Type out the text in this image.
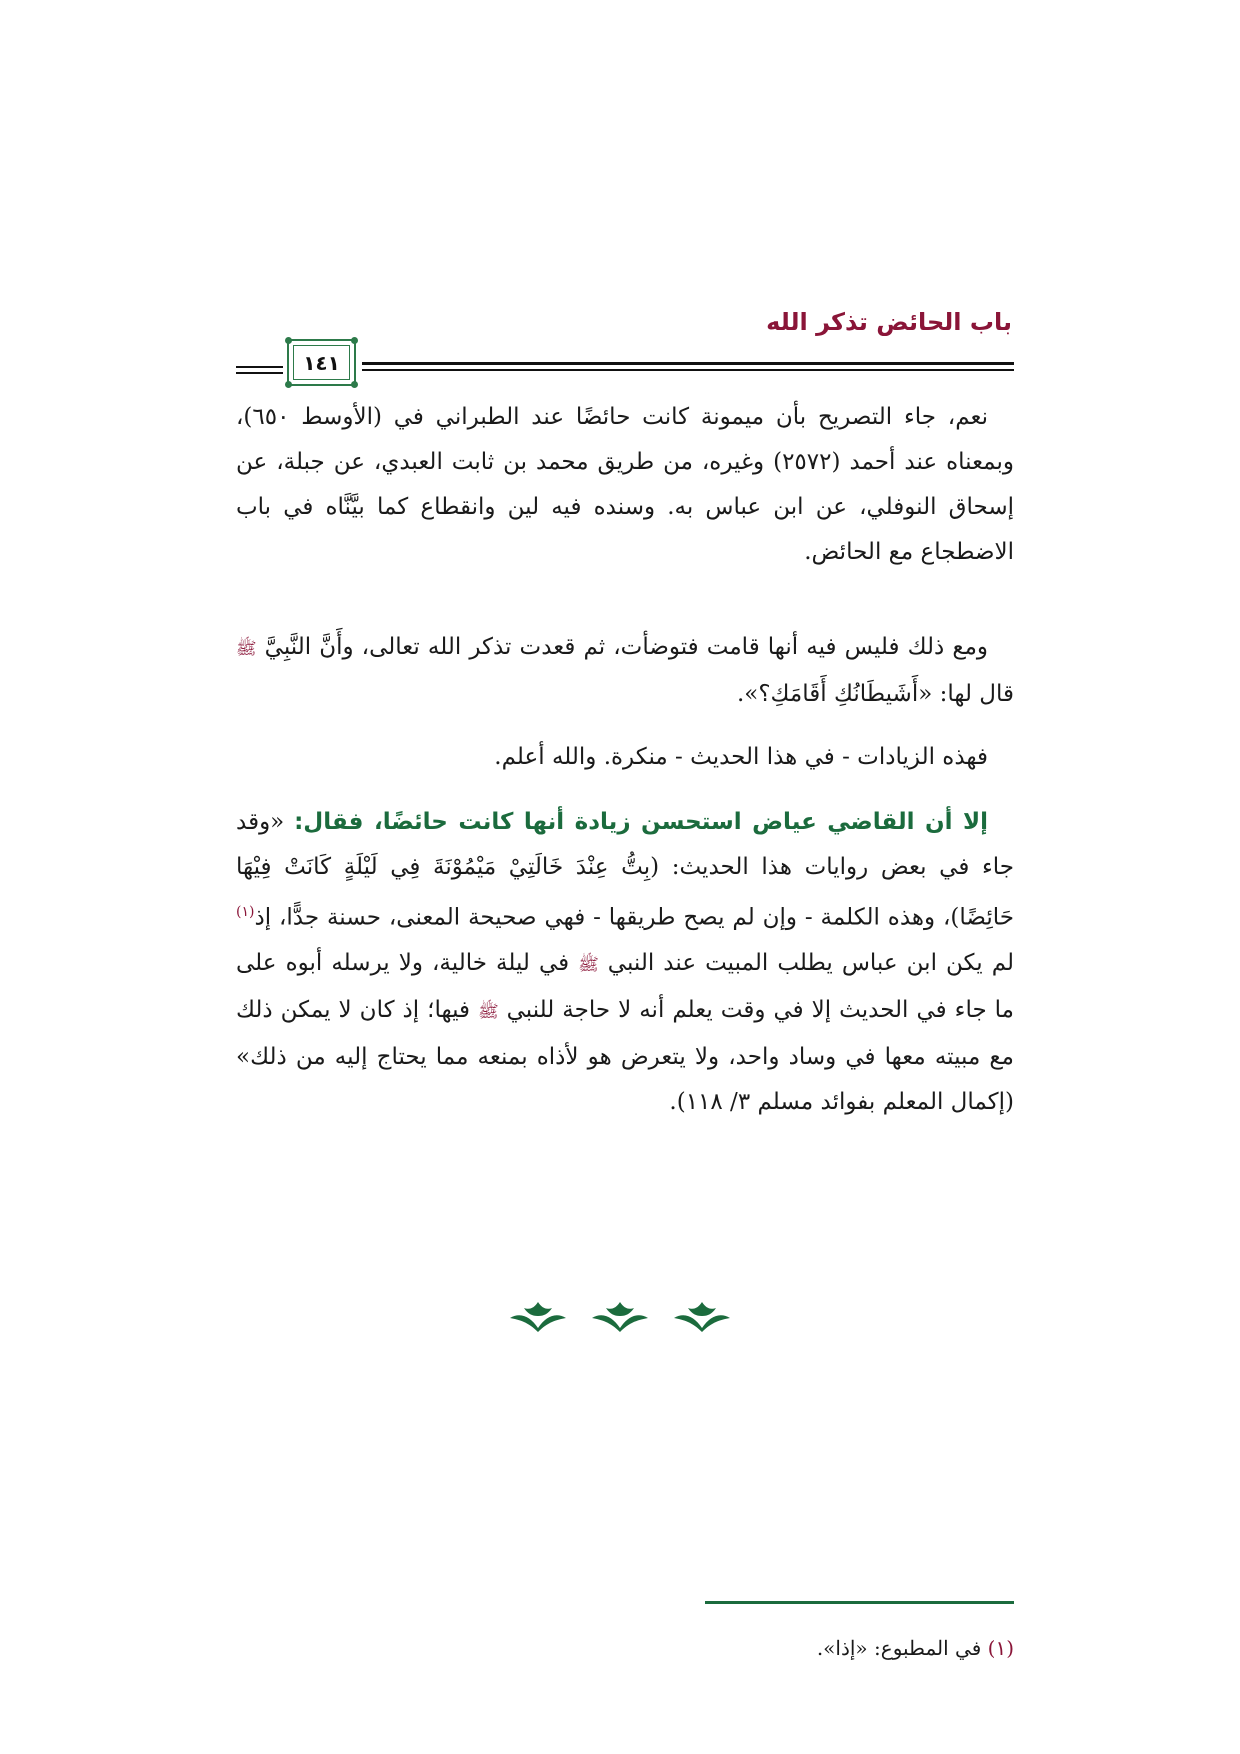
باب الحائض تذكر الله
١٤١

نعم، جاء التصريح بأن ميمونة كانت حائضًا عند الطبراني في (الأوسط ٦٥٠)، وبمعناه عند أحمد (٢٥٧٢) وغيره، من طريق محمد بن ثابت العبدي، عن جبلة، عن إسحاق النوفلي، عن ابن عباس به. وسنده فيه لين وانقطاع كما بيَّنَّاه في باب الاضطجاع مع الحائض.

ومع ذلك فليس فيه أنها قامت فتوضأت، ثم قعدت تذكر الله تعالى، وأَنَّ النَّبِيَّ ﷺ قال لها: «أَشَيطَانُكِ أَقَامَكِ؟».

فهذه الزيادات - في هذا الحديث - منكرة. والله أعلم.

إلا أن القاضي عياض استحسن زيادة أنها كانت حائضًا، فقال: «وقد جاء في بعض روايات هذا الحديث: (بِتُّ عِنْدَ خَالَتِيْ مَيْمُوْنَةَ فِي لَيْلَةٍ كَانَتْ فِيْهَا حَائِضًا)، وهذه الكلمة - وإن لم يصح طريقها - فهي صحيحة المعنى، حسنة جدًّا، إذ$^{(١)}$ لم يكن ابن عباس يطلب المبيت عند النبي ﷺ في ليلة خالية، ولا يرسله أبوه على ما جاء في الحديث إلا في وقت يعلم أنه لا حاجة للنبي ﷺ فيها؛ إذ كان لا يمكن ذلك مع مبيته معها في وساد واحد، ولا يتعرض هو لأذاه بمنعه مما يحتاج إليه من ذلك» (إكمال المعلم بفوائد مسلم ٣/ ١١٨).

(١) في المطبوع: «إذا».
